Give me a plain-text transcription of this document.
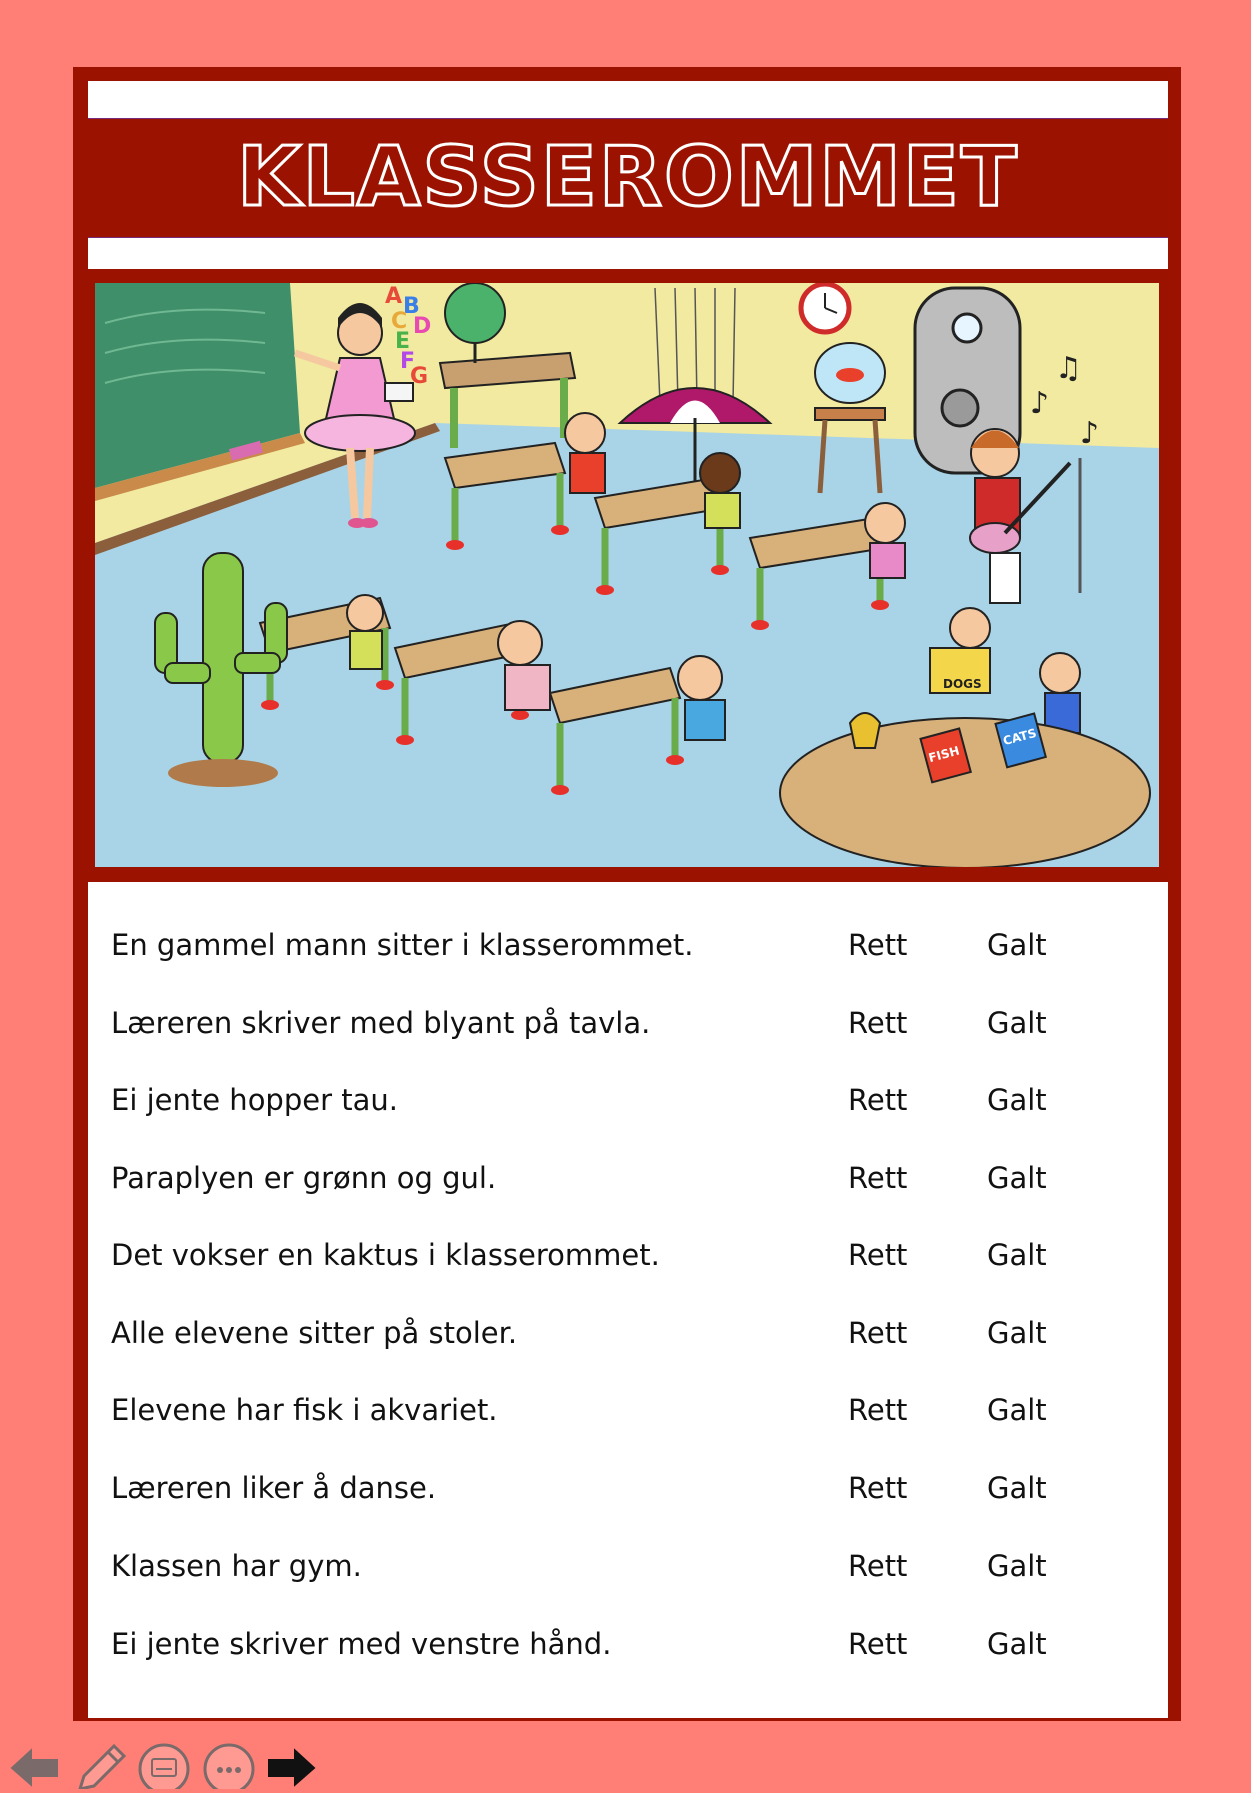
KLASSEROMMET
A B
C D
E
F
G	♫
♪
♪
FISH
CATS
DOGS
En gammel mann sitter i klasserommet.	Rett	Galt
Læreren skriver med blyant på tavla.	Rett	Galt
Ei jente hopper tau.	Rett	Galt
Paraplyen er grønn og gul.	Rett	Galt
Det vokser en kaktus i klasserommet.	Rett	Galt
Alle elevene sitter på stoler.	Rett	Galt
Elevene har fisk i akvariet.	Rett	Galt
Læreren liker å danse.	Rett	Galt
Klassen har gym.	Rett	Galt
Ei jente skriver med venstre hånd.	Rett	Galt
